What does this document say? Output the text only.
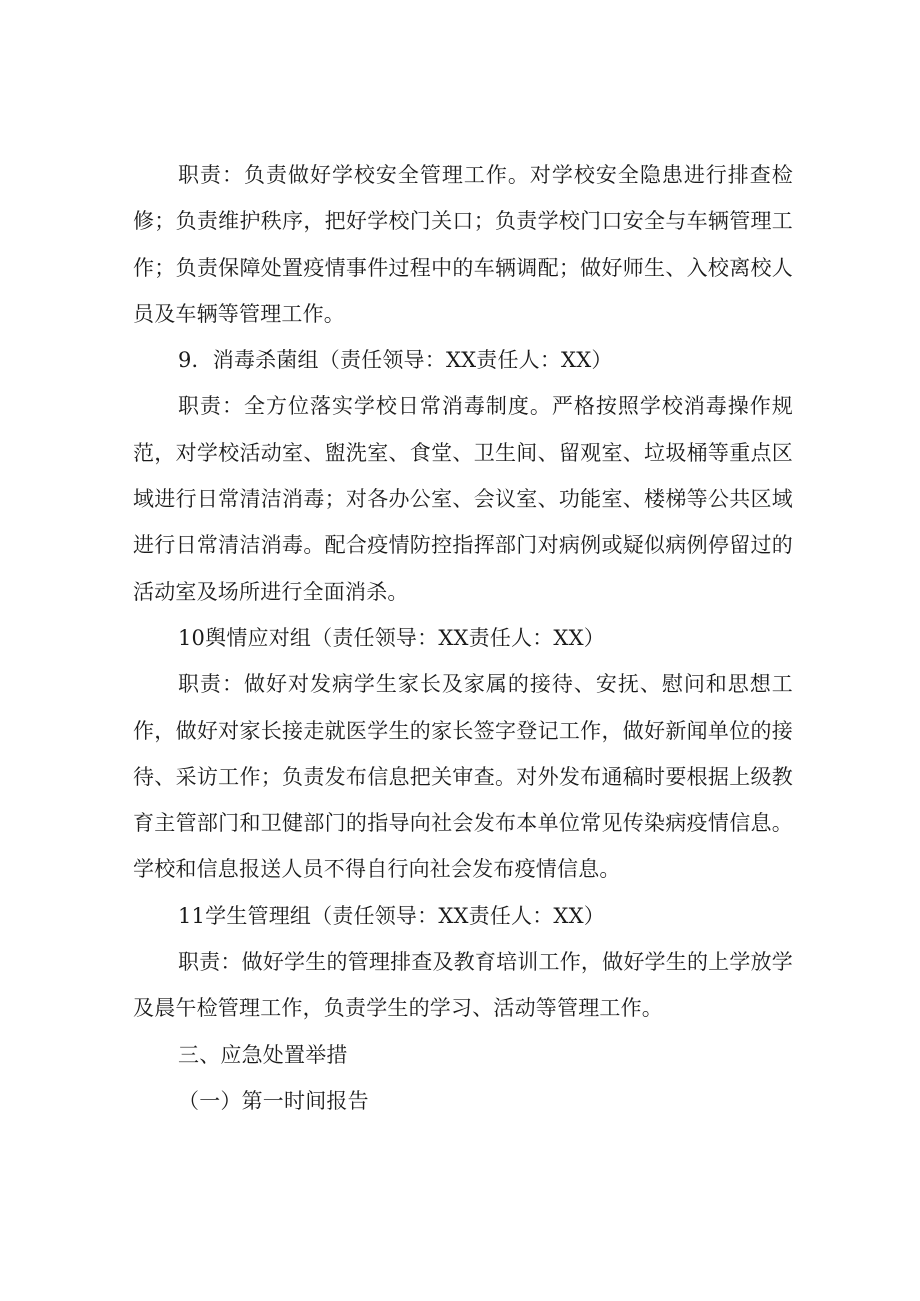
职责：负责做好学校安全管理工作。对学校安全隐患进行排查检修；负责维护秩序，把好学校门关口；负责学校门口安全与车辆管理工作；负责保障处置疫情事件过程中的车辆调配；做好师生、入校离校人员及车辆等管理工作。

9．消毒杀菌组（责任领导：XX责任人：XX）

职责：全方位落实学校日常消毒制度。严格按照学校消毒操作规范，对学校活动室、盥洗室、食堂、卫生间、留观室、垃圾桶等重点区域进行日常清洁消毒；对各办公室、会议室、功能室、楼梯等公共区域进行日常清洁消毒。配合疫情防控指挥部门对病例或疑似病例停留过的活动室及场所进行全面消杀。

10舆情应对组（责任领导：XX责任人：XX）

职责：做好对发病学生家长及家属的接待、安抚、慰问和思想工作，做好对家长接走就医学生的家长签字登记工作，做好新闻单位的接待、采访工作；负责发布信息把关审查。对外发布通稿时要根据上级教育主管部门和卫健部门的指导向社会发布本单位常见传染病疫情信息。学校和信息报送人员不得自行向社会发布疫情信息。

11学生管理组（责任领导：XX责任人：XX）

职责：做好学生的管理排查及教育培训工作，做好学生的上学放学及晨午检管理工作，负责学生的学习、活动等管理工作。

三、应急处置举措

（一）第一时间报告
